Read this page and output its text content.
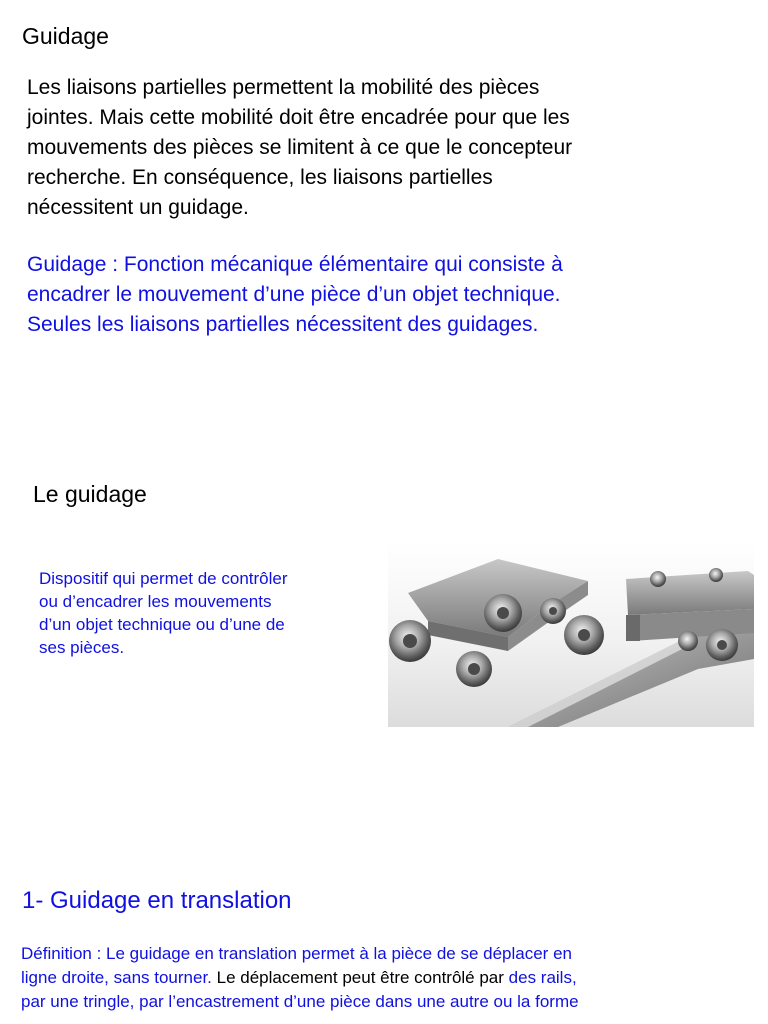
Guidage
Les liaisons partielles permettent la mobilité des pièces
jointes. Mais cette mobilité doit être encadrée pour que les
mouvements des pièces se limitent à ce que le concepteur
recherche. En conséquence, les liaisons partielles
nécessitent un guidage.
Guidage : Fonction mécanique élémentaire qui consiste à
encadrer le mouvement d’une pièce d’un objet technique.
Seules les liaisons partielles nécessitent des guidages.
Le guidage
Dispositif qui permet de contrôler
ou d’encadrer les mouvements
d’un objet technique ou d’une de
ses pièces.
1- Guidage en translation
Définition : Le guidage en translation permet à la pièce de se déplacer en
ligne droite, sans tourner. Le déplacement peut être contrôlé par des rails,
par une tringle, par l’encastrement d’une pièce dans une autre ou la forme
